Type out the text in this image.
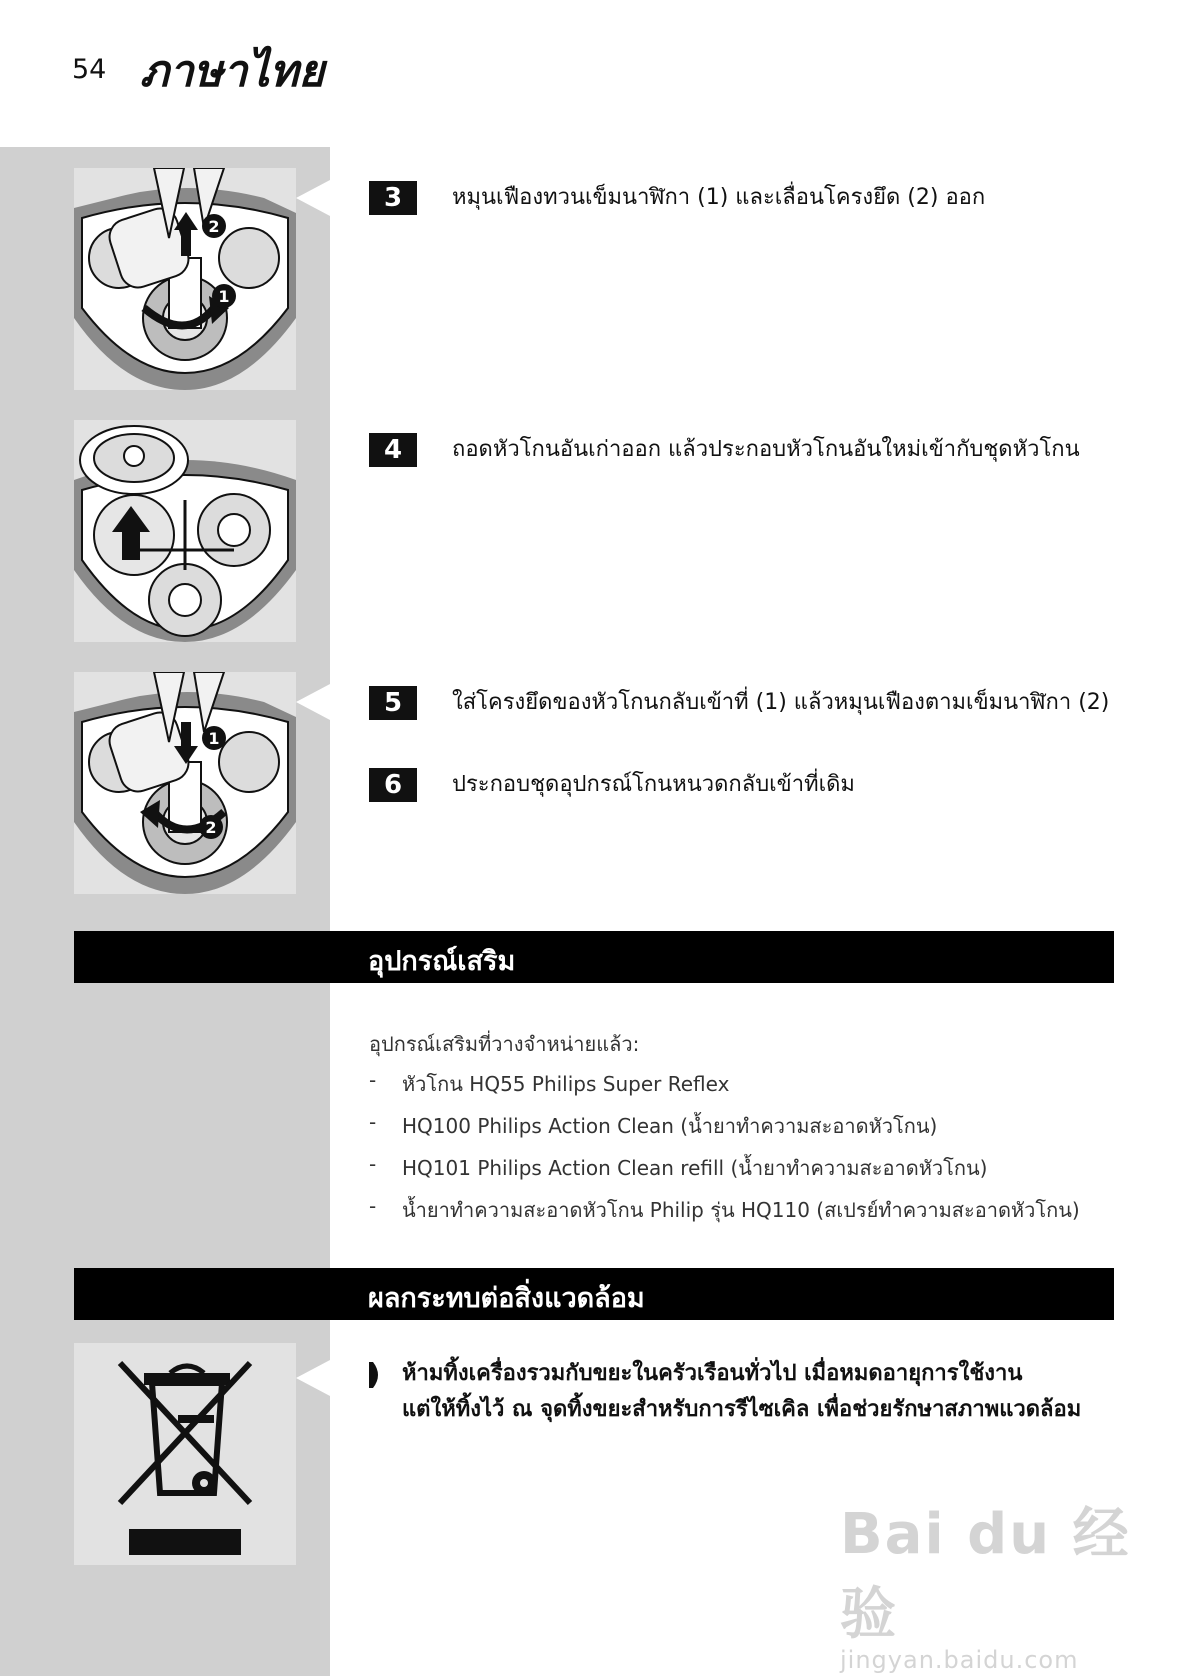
54 ภาษาไทย
2
1
1
2
3	หมุนเฟืองทวนเข็มนาฬิกา (1) และเลื่อนโครงยึด (2) ออก
4	ถอดหัวโกนอันเก่าออก แล้วประกอบหัวโกนอันใหม่เข้ากับชุดหัวโกน
5	ใส่โครงยึดของหัวโกนกลับเข้าที่ (1) แล้วหมุนเฟืองตามเข็มนาฬิกา (2)
6	ประกอบชุดอุปกรณ์โกนหนวดกลับเข้าที่เดิม
อุปกรณ์เสริม
อุปกรณ์เสริมที่วางจำหน่ายแล้ว:
- หัวโกน HQ55 Philips Super Reflex
- HQ100 Philips Action Clean (น้ำยาทำความสะอาดหัวโกน)
- HQ101 Philips Action Clean refill (น้ำยาทำความสะอาดหัวโกน)
- น้ำยาทำความสะอาดหัวโกน Philip รุ่น HQ110 (สเปรย์ทำความสะอาดหัวโกน)
ผลกระทบต่อสิ่งแวดล้อม
ห้ามทิ้งเครื่องรวมกับขยะในครัวเรือนทั่วไป เมื่อหมดอายุการใช้งาน
แต่ให้ทิ้งไว้ ณ จุดทิ้งขยะสำหรับการรีไซเคิล เพื่อช่วยรักษาสภาพแวดล้อม
Bai du 经验
jingyan.baidu.com
